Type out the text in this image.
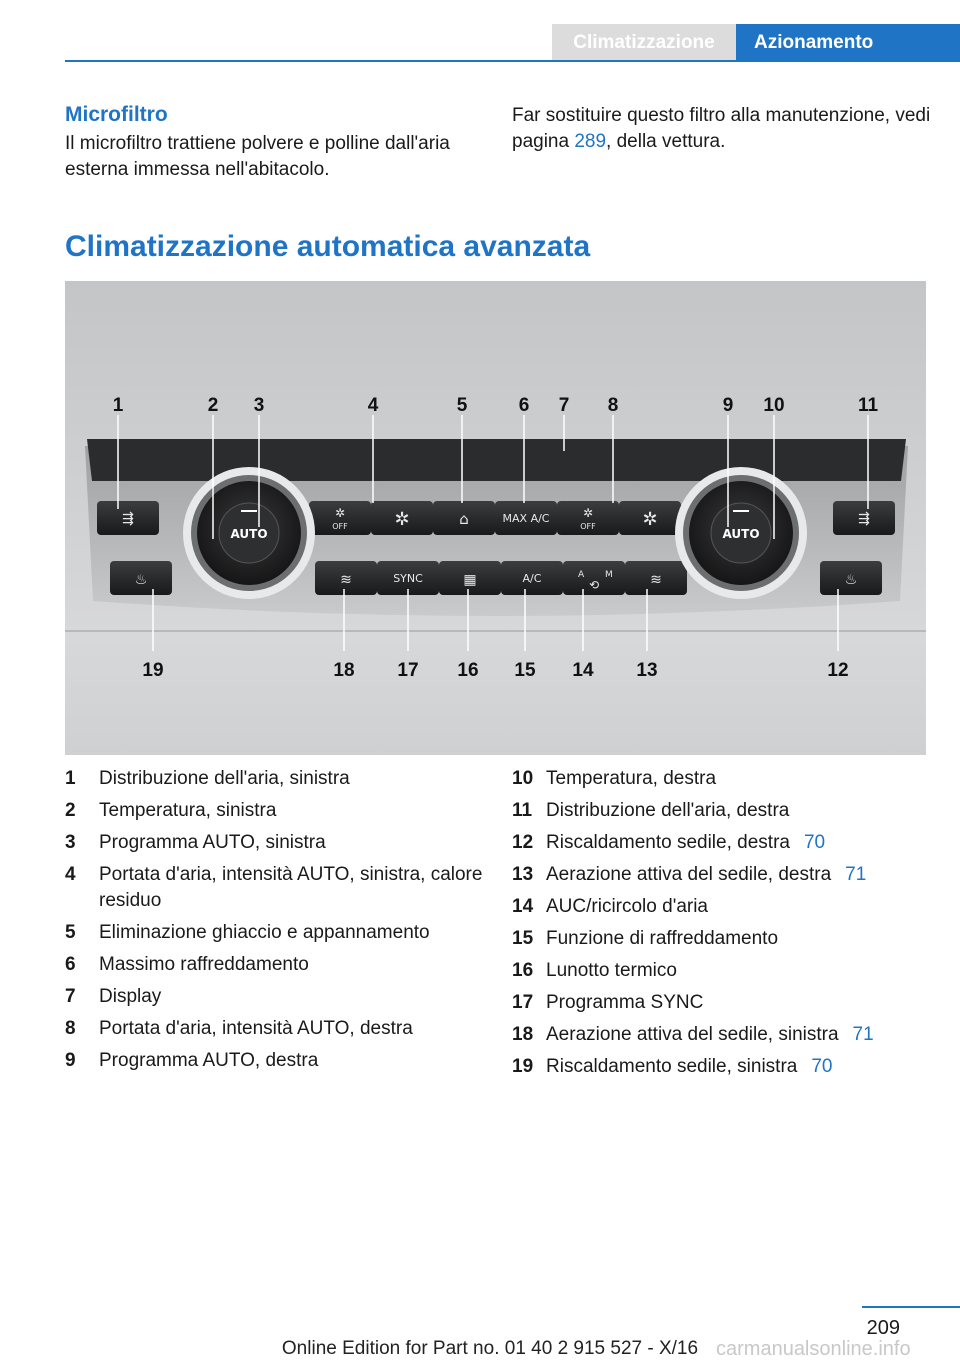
Climatizzazione	Azionamento

Microfiltro

Il microfiltro trattiene polvere e polline dall'aria esterna immessa nell'abitacolo.

Far sostituire questo filtro alla manutenzione, vedi pagina 289, della vettura.

Climatizzazione automatica avanzata
⇶	✲
OFF	✲	⌂	MAX A/C	✲
OFF	✲	⇶
♨	≋	SYNC	▦	A/C	A M
⟲	≋	♨
AUTO	AUTO
1	2 3	4	5	6 7 8	9 10	11
19	18 17 16 15 14 13	12
1	Distribuzione dell'aria, sinistra
2	Temperatura, sinistra
3	Programma AUTO, sinistra
4	Portata d'aria, intensità AUTO, sinistra, calore residuo
5	Eliminazione ghiaccio e appannamento
6	Massimo raffreddamento
7	Display
8	Portata d'aria, intensità AUTO, destra
9	Programma AUTO, destra
10 Temperatura, destra
11 Distribuzione dell'aria, destra
12 Riscaldamento sedile, destra 70
13 Aerazione attiva del sedile, destra 71
14 AUC/ricircolo d'aria
15 Funzione di raffreddamento
16 Lunotto termico
17 Programma SYNC
18 Aerazione attiva del sedile, sinistra 71
19 Riscaldamento sedile, sinistra 70
209
Online Edition for Part no. 01 40 2 915 527 - X/16 carmanualsonline.info
